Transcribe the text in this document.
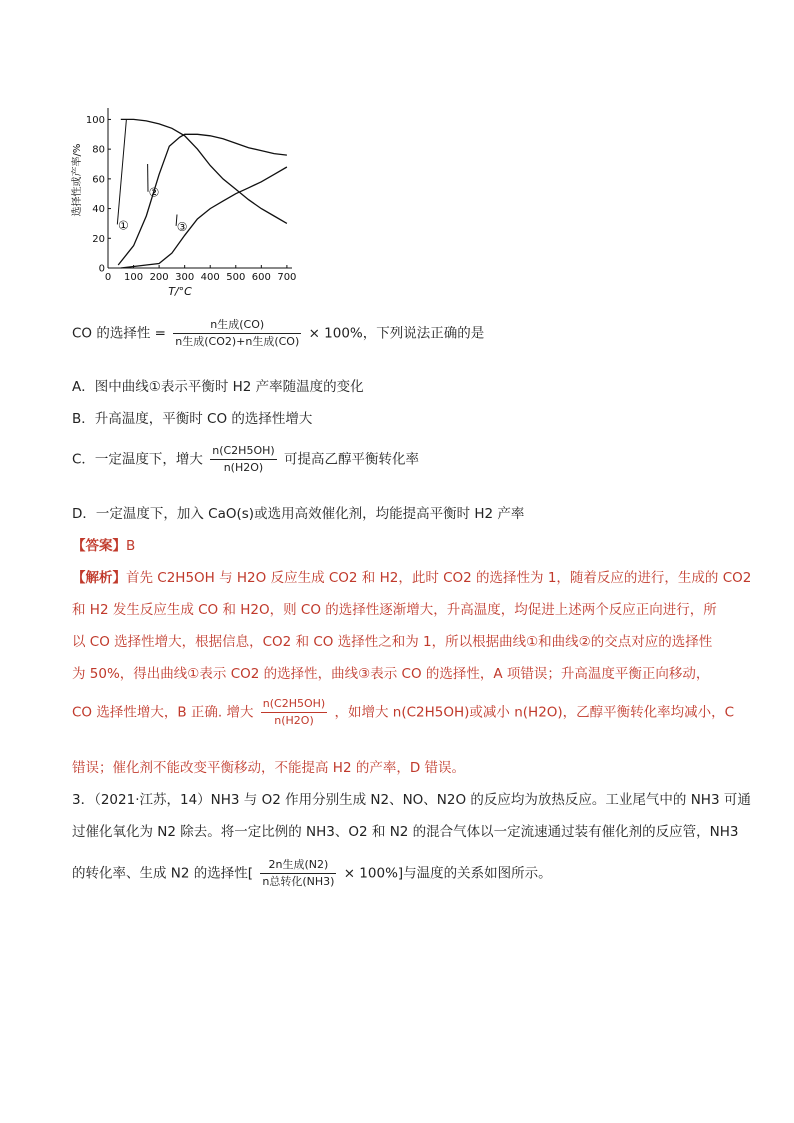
0 100 200 300 400 500 600 700
0
20
40
60
80
100
T/°C
选择性或产率/%
①
②
③
CO 的选择性 = $\frac{\text{n生成(CO)}}{\text{n生成(CO2)+n生成(CO)}} \times 100\%$，下列说法正确的是
A．图中曲线①表示平衡时 H2 产率随温度的变化
B．升高温度，平衡时 CO 的选择性增大
C．一定温度下，增大 $\frac{n(C2H5OH)}{n(H2O)}$ 可提高乙醇平衡转化率
D．一定温度下，加入 CaO(s)或选用高效催化剂，均能提高平衡时 H2 产率
【答案】B
【解析】首先 C2H5OH 与 H2O 反应生成 CO2 和 H2，此时 CO2 的选择性为 1，随着反应的进行，生成的 CO2
和 H2 发生反应生成 CO 和 H2O，则 CO 的选择性逐渐增大，升高温度，均促进上述两个反应正向进行，所
以 CO 选择性增大，根据信息，CO2 和 CO 选择性之和为 1，所以根据曲线①和曲线②的交点对应的选择性
为 50%，得出曲线①表示 CO2 的选择性，曲线③表示 CO 的选择性，A 项错误；升高温度平衡正向移动，
CO 选择性增大，B 正确. 增大 $\frac{n(C2H5OH)}{n(H2O)}$ ，如增大 n(C2H5OH)或减小 n(H2O)，乙醇平衡转化率均减小，C
错误；催化剂不能改变平衡移动，不能提高 H2 的产率，D 错误。
3．（2021·江苏，14）NH3 与 O2 作用分别生成 N2、NO、N2O 的反应均为放热反应。工业尾气中的 NH3 可通
过催化氧化为 N2 除去。将一定比例的 NH3、O2 和 N2 的混合气体以一定流速通过装有催化剂的反应管，NH3
的转化率、生成 N2 的选择性[ $\frac{\text{2n生成(N2)}}{\text{n总转化(NH3)}} \times 100\%$]与温度的关系如图所示。
